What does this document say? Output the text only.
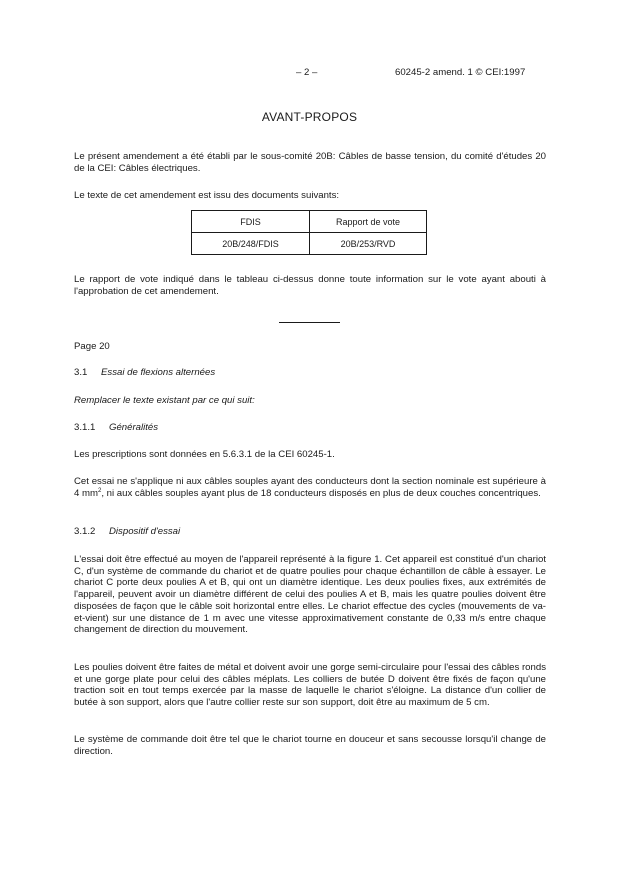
– 2 –	60245-2 amend. 1 © CEI:1997
AVANT-PROPOS
Le présent amendement a été établi par le sous-comité 20B: Câbles de basse tension, du comité d'études 20 de la CEI: Câbles électriques.
Le texte de cet amendement est issu des documents suivants:
FDIS	Rapport de vote
20B/248/FDIS	20B/253/RVD
Le rapport de vote indiqué dans le tableau ci-dessus donne toute information sur le vote ayant abouti à l'approbation de cet amendement.
Page 20
3.1 Essai de flexions alternées
Remplacer le texte existant par ce qui suit:
3.1.1 Généralités
Les prescriptions sont données en 5.6.3.1 de la CEI 60245-1.
Cet essai ne s'applique ni aux câbles souples ayant des conducteurs dont la section nominale est supérieure à 4 $mm^2$, ni aux câbles souples ayant plus de 18 conducteurs disposés en plus de deux couches concentriques.
3.1.2 Dispositif d'essai
L'essai doit être effectué au moyen de l'appareil représenté à la figure 1. Cet appareil est constitué d'un chariot C, d'un système de commande du chariot et de quatre poulies pour chaque échantillon de câble à essayer. Le chariot C porte deux poulies A et B, qui ont un diamètre identique. Les deux poulies fixes, aux extrémités de l'appareil, peuvent avoir un diamètre différent de celui des poulies A et B, mais les quatre poulies doivent être disposées de façon que le câble soit horizontal entre elles. Le chariot effectue des cycles (mouvements de va-et-vient) sur une distance de 1 m avec une vitesse approximativement constante de 0,33 m/s entre chaque changement de direction du mouvement.
Les poulies doivent être faites de métal et doivent avoir une gorge semi-circulaire pour l'essai des câbles ronds et une gorge plate pour celui des câbles méplats. Les colliers de butée D doivent être fixés de façon qu'une traction soit en tout temps exercée par la masse de laquelle le chariot s'éloigne. La distance d'un collier de butée à son support, alors que l'autre collier reste sur son support, doit être au maximum de 5 cm.
Le système de commande doit être tel que le chariot tourne en douceur et sans secousse lorsqu'il change de direction.
